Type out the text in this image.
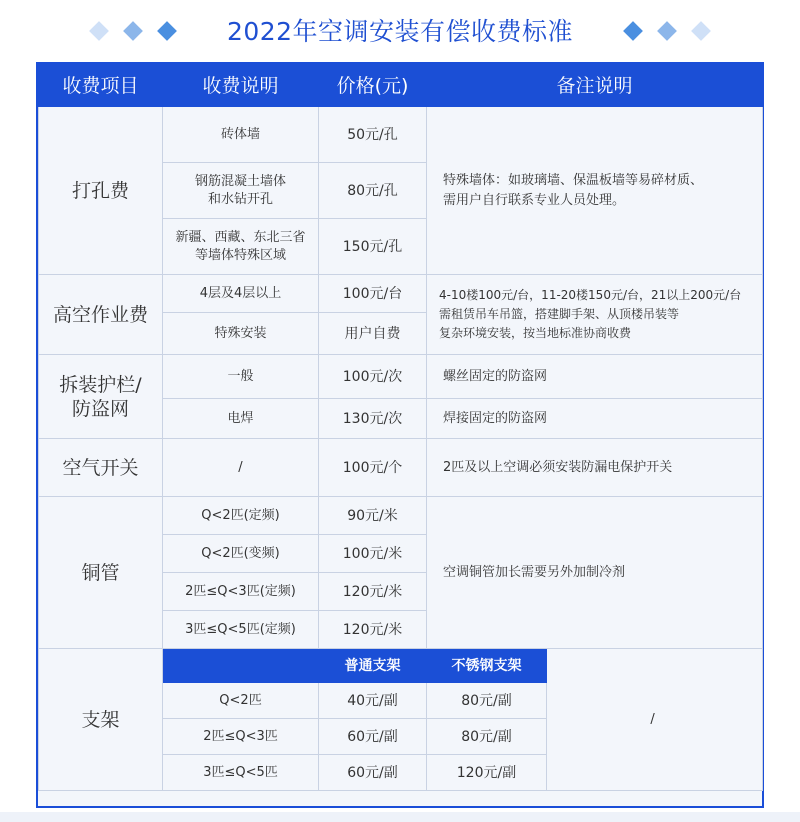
2022年空调安装有偿收费标准
收费项目	收费说明	价格(元)	备注说明	
打孔费	砖体墙	50元/孔	特殊墙体：如玻璃墙、保温板墙等易碎材质、
需用户自行联系专业人员处理。	
	钢筋混凝土墙体
和水钻开孔	80元/孔		
	新疆、西藏、东北三省
等墙体特殊区域	150元/孔		
高空作业费	4层及4层以上	100元/台	4-10楼100元/台，11-20楼150元/台，21以上200元/台
需租赁吊车吊篮，搭建脚手架、从顶楼吊装等
复杂环境安装，按当地标准协商收费	
	特殊安装	用户自费		
拆装护栏/
防盗网	一般	100元/次	螺丝固定的防盗网	
	电焊	130元/次	焊接固定的防盗网	
空气开关	/	100元/个	2匹及以上空调必须安装防漏电保护开关	
铜管	Q<2匹(定频)	90元/米	空调铜管加长需要另外加制冷剂	
	Q<2匹(变频)	100元/米		
	2匹≤Q<3匹(定频)	120元/米		
	3匹≤Q<5匹(定频)	120元/米		
支架		普通支架	不锈钢支架	/
	Q<2匹	40元/副	80元/副	
	2匹≤Q<3匹	60元/副	80元/副	
	3匹≤Q<5匹	60元/副	120元/副	
